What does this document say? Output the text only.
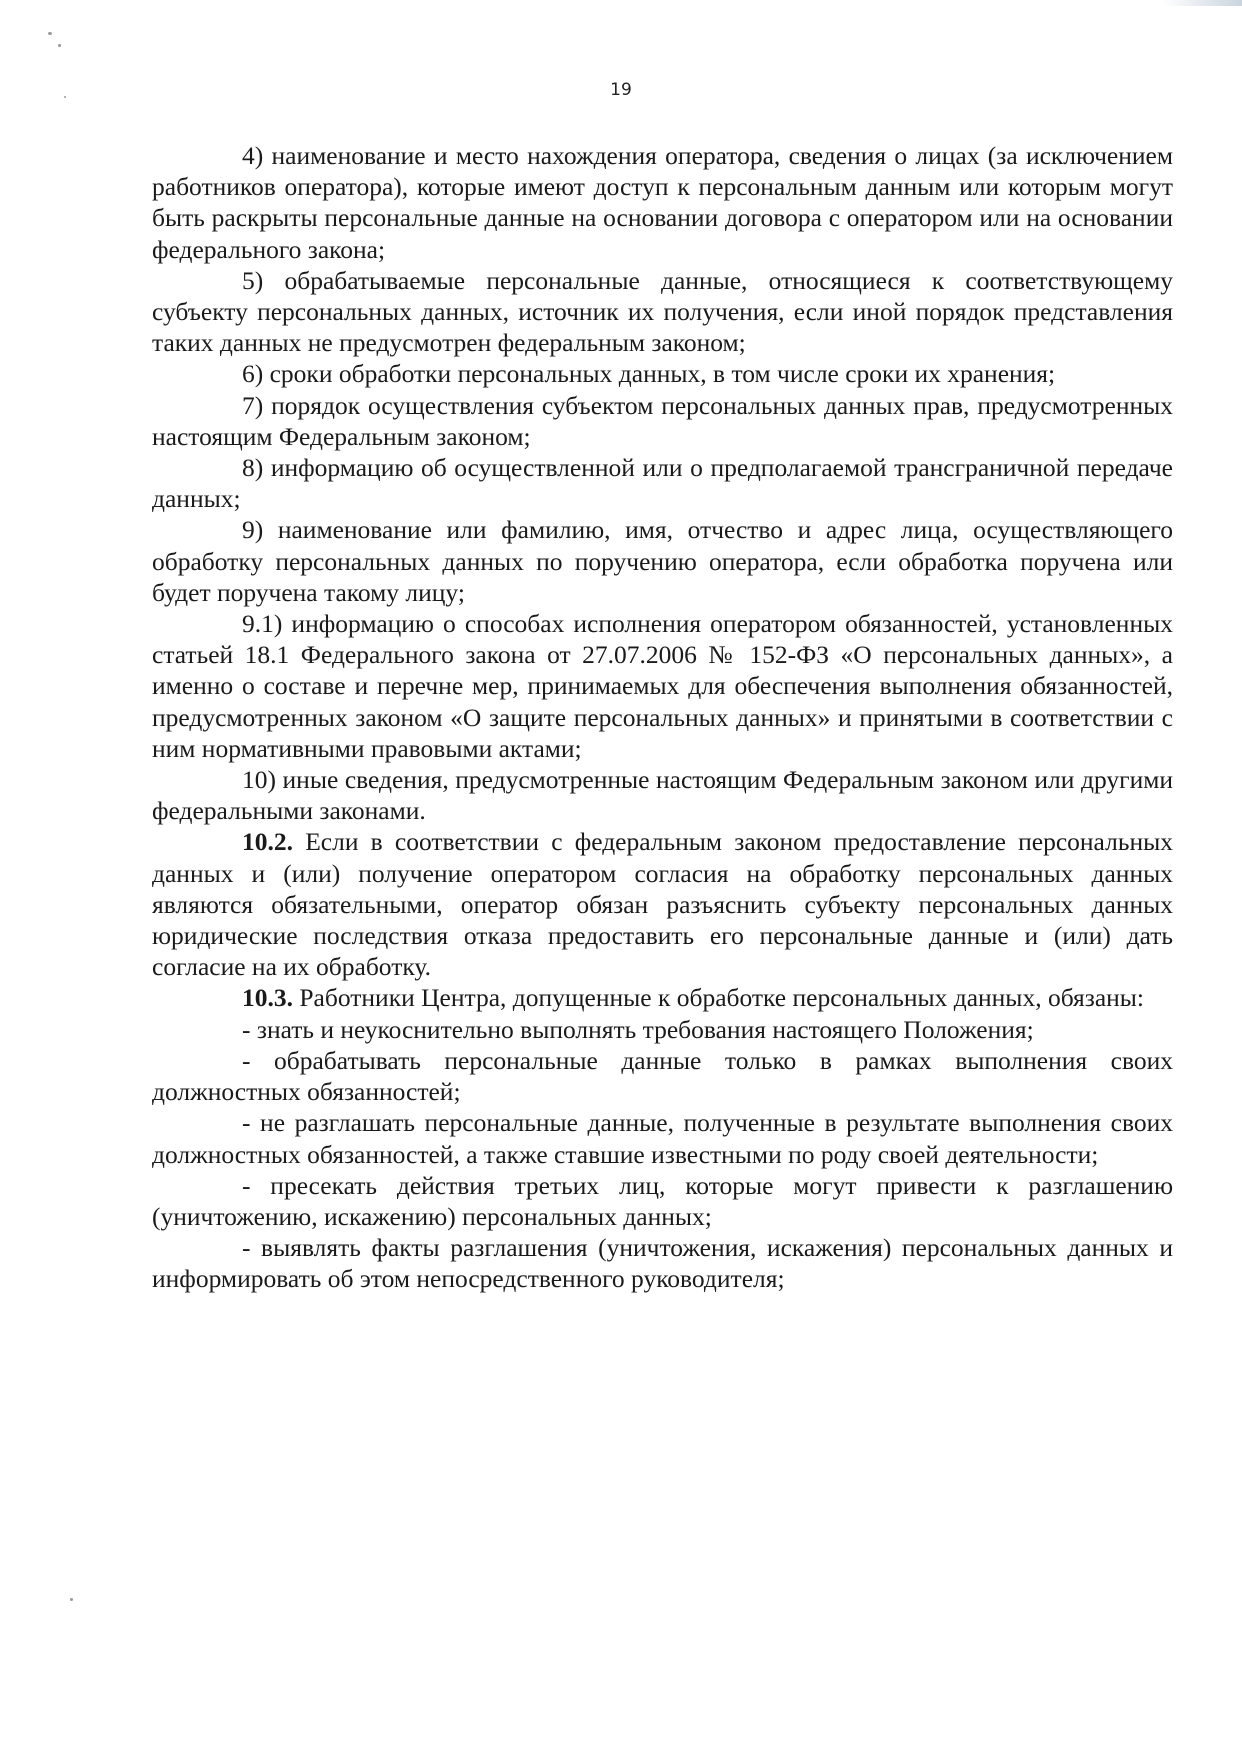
19

4) наименование и место нахождения оператора, сведения о лицах (за исключением работников оператора), которые имеют доступ к персональным данным или которым могут быть раскрыты персональные данные на основании договора с оператором или на основании федерального закона;

5) обрабатываемые персональные данные, относящиеся к соответствующему субъекту персональных данных, источник их получения, если иной порядок представления таких данных не предусмотрен федеральным законом;

6) сроки обработки персональных данных, в том числе сроки их хранения;

7) порядок осуществления субъектом персональных данных прав, предусмотренных настоящим Федеральным законом;

8) информацию об осуществленной или о предполагаемой трансграничной передаче данных;

9) наименование или фамилию, имя, отчество и адрес лица, осуществляющего обработку персональных данных по поручению оператора, если обработка поручена или будет поручена такому лицу;

9.1) информацию о способах исполнения оператором обязанностей, установленных статьей 18.1 Федерального закона от 27.07.2006 № 152-ФЗ «О персональных данных», а именно о составе и перечне мер, принимаемых для обеспечения выполнения обязанностей, предусмотренных законом «О защите персональных данных» и принятыми в соответствии с ним нормативными правовыми актами;

10) иные сведения, предусмотренные настоящим Федеральным законом или другими федеральными законами.

10.2. Если в соответствии с федеральным законом предоставление персональных данных и (или) получение оператором согласия на обработку персональных данных являются обязательными, оператор обязан разъяснить субъекту персональных данных юридические последствия отказа предоставить его персональные данные и (или) дать согласие на их обработку.

10.3. Работники Центра, допущенные к обработке персональных данных, обязаны:

- знать и неукоснительно выполнять требования настоящего Положения;

- обрабатывать персональные данные только в рамках выполнения своих должностных обязанностей;

- не разглашать персональные данные, полученные в результате выполнения своих должностных обязанностей, а также ставшие известными по роду своей деятельности;

- пресекать действия третьих лиц, которые могут привести к разглашению (уничтожению, искажению) персональных данных;

- выявлять факты разглашения (уничтожения, искажения) персональных данных и информировать об этом непосредственного руководителя;
